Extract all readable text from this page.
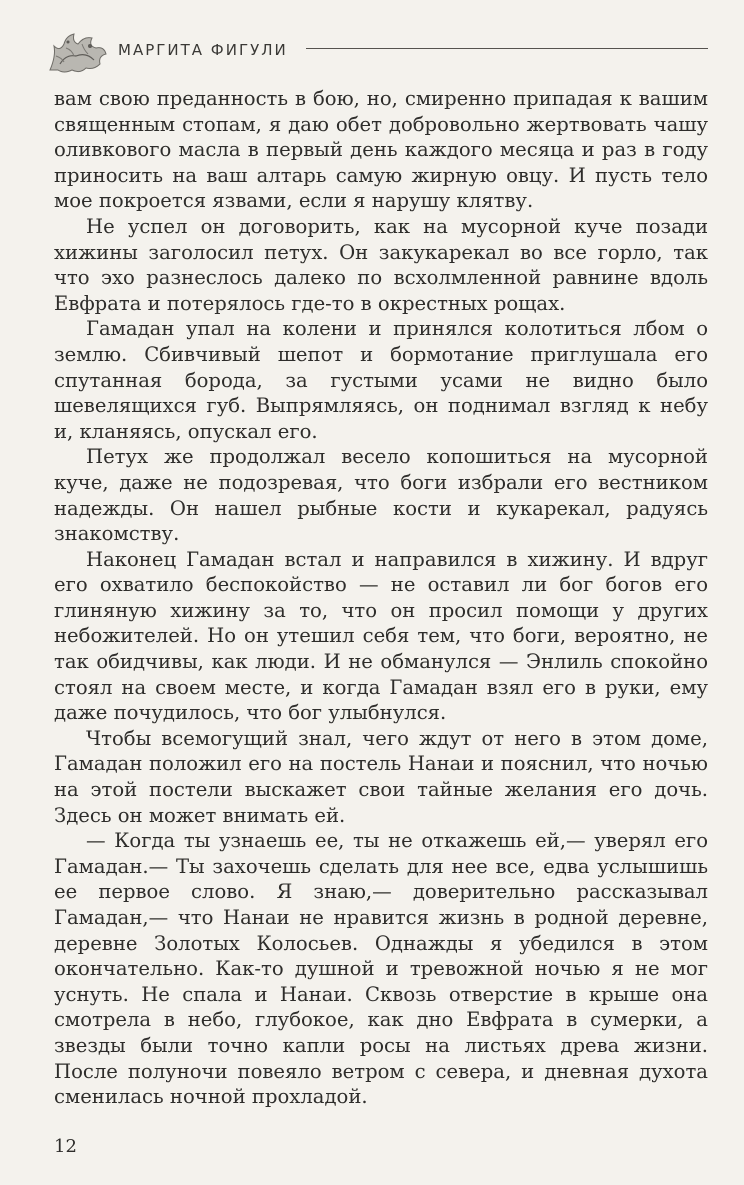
МАРГИТА ФИГУЛИ

вам свою преданность в бою, но, смиренно припадая к вашим священным стопам, я даю обет добровольно жертвовать чашу оливкового масла в первый день каждого месяца и раз в году приносить на ваш алтарь самую жирную овцу. И пусть тело мое покроется язвами, если я нарушу клятву.

Не успел он договорить, как на мусорной куче позади хижины заголосил петух. Он закукарекал во все горло, так что эхо разнеслось далеко по всхолмленной равнине вдоль Евфрата и потерялось где-то в окрестных рощах.

Гамадан упал на колени и принялся колотиться лбом о землю. Сбивчивый шепот и бормотание приглушала его спутанная борода, за густыми усами не видно было шевелящихся губ. Выпрямляясь, он поднимал взгляд к небу и, кланяясь, опускал его.

Петух же продолжал весело копошиться на мусорной куче, даже не подозревая, что боги избрали его вестником надежды. Он нашел рыбные кости и кукарекал, радуясь знакомству.

Наконец Гамадан встал и направился в хижину. И вдруг его охватило беспокойство — не оставил ли бог богов его глиняную хижину за то, что он просил помощи у других небожителей. Но он утешил себя тем, что боги, вероятно, не так обидчивы, как люди. И не обманулся — Энлиль спокойно стоял на своем месте, и когда Гамадан взял его в руки, ему даже почудилось, что бог улыбнулся.

Чтобы всемогущий знал, чего ждут от него в этом доме, Гамадан положил его на постель Нанаи и пояснил, что ночью на этой постели выскажет свои тайные желания его дочь. Здесь он может внимать ей.

— Когда ты узнаешь ее, ты не откажешь ей,— уверял его Гамадан.— Ты захочешь сделать для нее все, едва услышишь ее первое слово. Я знаю,— доверительно рассказывал Гамадан,— что Нанаи не нравится жизнь в родной деревне, деревне Золотых Колосьев. Однажды я убедился в этом окончательно. Как-то душной и тревожной ночью я не мог уснуть. Не спала и Нанаи. Сквозь отверстие в крыше она смотрела в небо, глубокое, как дно Евфрата в сумерки, а звезды были точно капли росы на листьях древа жизни. После полуночи повеяло ветром с севера, и дневная духота сменилась ночной прохладой.

12
